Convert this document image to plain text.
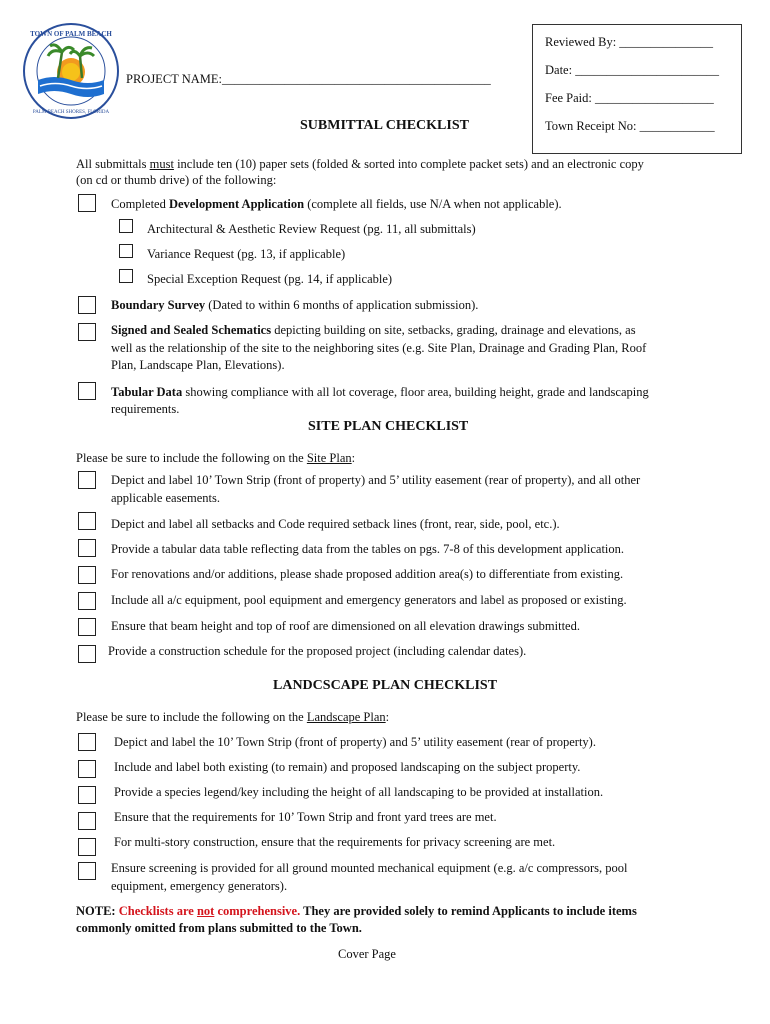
TOWN OF PALM BEACH
PALM BEACH SHORES, FLORIDA
PROJECT NAME:___________________________________________
Reviewed By: _______________
Date: _______________________
Fee Paid: ___________________
Town Receipt No: ____________
SUBMITTAL CHECKLIST
All submittals must include ten (10) paper sets (folded & sorted into complete packet sets) and an electronic copy
(on cd or thumb drive) of the following:
Completed Development Application (complete all fields, use N/A when not applicable).
Architectural & Aesthetic Review Request (pg. 11, all submittals)
Variance Request (pg. 13, if applicable)
Special Exception Request (pg. 14, if applicable)
Boundary Survey (Dated to within 6 months of application submission).
Signed and Sealed Schematics depicting building on site, setbacks, grading, drainage and elevations, as
well as the relationship of the site to the neighboring sites (e.g. Site Plan, Drainage and Grading Plan, Roof
Plan, Landscape Plan, Elevations).
Tabular Data showing compliance with all lot coverage, floor area, building height, grade and landscaping
requirements.
SITE PLAN CHECKLIST
Please be sure to include the following on the Site Plan:
Depict and label 10’ Town Strip (front of property) and 5’ utility easement (rear of property), and all other
applicable easements.
Depict and label all setbacks and Code required setback lines (front, rear, side, pool, etc.).
Provide a tabular data table reflecting data from the tables on pgs. 7-8 of this development application.
For renovations and/or additions, please shade proposed addition area(s) to differentiate from existing.
Include all a/c equipment, pool equipment and emergency generators and label as proposed or existing.
Ensure that beam height and top of roof are dimensioned on all elevation drawings submitted.
Provide a construction schedule for the proposed project (including calendar dates).
LANDCSCAPE PLAN CHECKLIST
Please be sure to include the following on the Landscape Plan:
Depict and label the 10’ Town Strip (front of property) and 5’ utility easement (rear of property).
Include and label both existing (to remain) and proposed landscaping on the subject property.
Provide a species legend/key including the height of all landscaping to be provided at installation.
Ensure that the requirements for 10’ Town Strip and front yard trees are met.
For multi-story construction, ensure that the requirements for privacy screening are met.
Ensure screening is provided for all ground mounted mechanical equipment (e.g. a/c compressors, pool
equipment, emergency generators).
NOTE: Checklists are not comprehensive. They are provided solely to remind Applicants to include items
commonly omitted from plans submitted to the Town.
Cover Page
